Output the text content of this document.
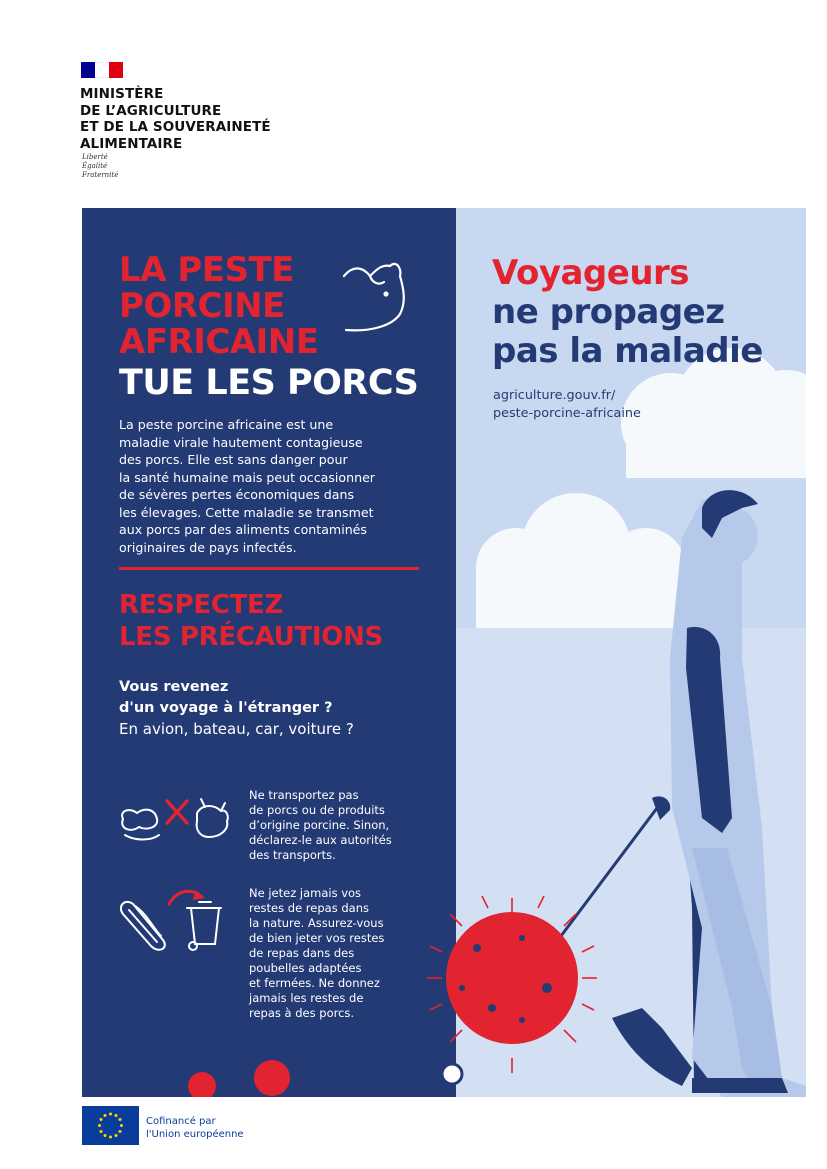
MINISTÈRE
DE L’AGRICULTURE
ET DE LA SOUVERAINETÉ
ALIMENTAIRE
Liberté
Égalité
Fraternité
LA PESTE
PORCINE
AFRICAINE
TUE LES PORCS
La peste porcine africaine est une
maladie virale hautement contagieuse
des porcs. Elle est sans danger pour
la santé humaine mais peut occasionner
de sévères pertes économiques dans
les élevages. Cette maladie se transmet
aux porcs par des aliments contaminés
originaires de pays infectés.
RESPECTEZ
LES PRÉCAUTIONS
Vous revenez
d'un voyage à l'étranger ?
En avion, bateau, car, voiture ?
Ne transportez pas
de porcs ou de produits
d’origine porcine. Sinon,
déclarez-le aux autorités
des transports.
Ne jetez jamais vos
restes de repas dans
la nature. Assurez-vous
de bien jeter vos restes
de repas dans des
poubelles adaptées
et fermées. Ne donnez
jamais les restes de
repas à des porcs.
Voyageurs
ne propagez
pas la maladie
agriculture.gouv.fr/
peste-porcine-africaine
Cofinancé par
l'Union européenne
